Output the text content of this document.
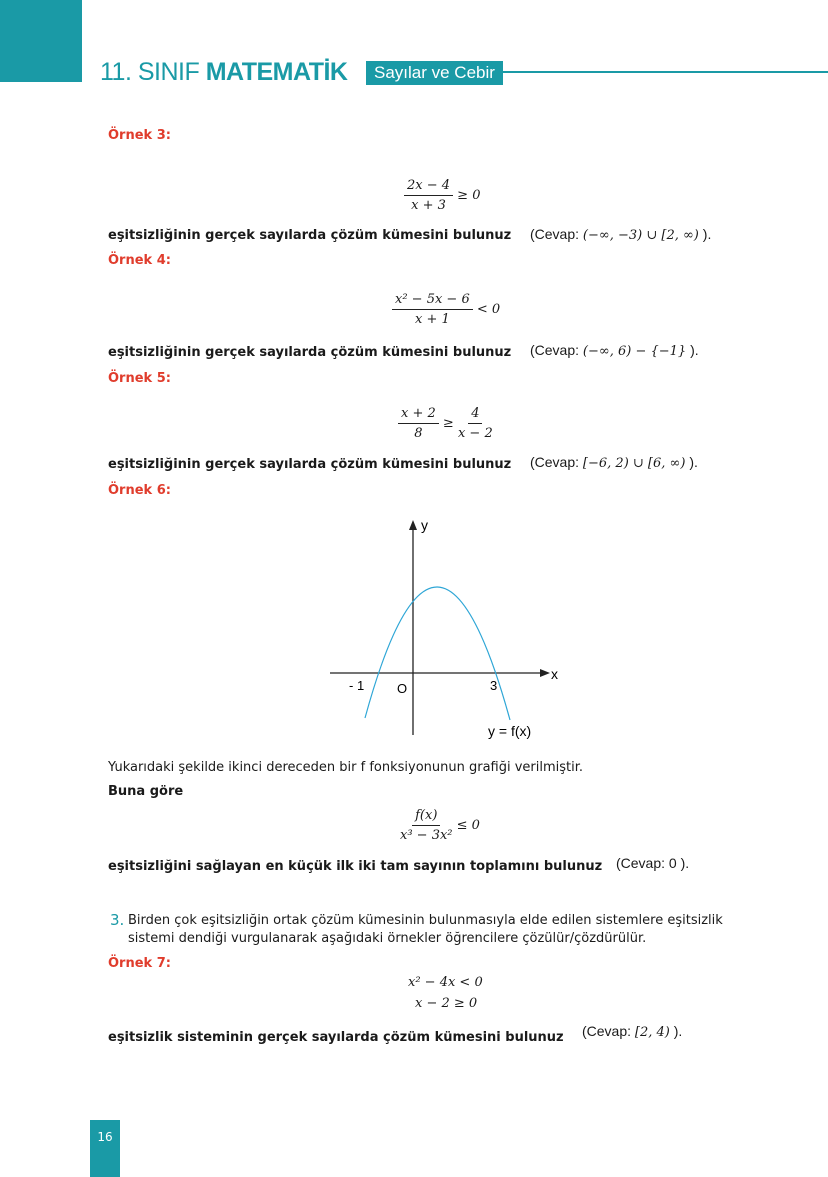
11. SINIF MATEMATİK	Sayılar ve Cebir
Örnek 3:
$\frac{2x - 4}{x + 3} \ge 0$
eşitsizliğinin gerçek sayılarda çözüm kümesini bulunuz (Cevap: (−∞, −3) ∪ [2, ∞) ).
Örnek 4:
$\frac{\text{x² − 5x − 6}}{x + 1} < 0$
eşitsizliğinin gerçek sayılarda çözüm kümesini bulunuz (Cevap: (−∞, 6) − {−1} ).
Örnek 5:
$\frac{x + 2}{8} \ge \frac{4}{x - 2}$
eşitsizliğinin gerçek sayılarda çözüm kümesini bulunuz (Cevap: [−6, 2) ∪ [6, ∞) ).
Örnek 6:
y
x
- 1	O	3
y = f(x)
Yukarıdaki şekilde ikinci dereceden bir f fonksiyonunun grafiği verilmiştir.
Buna göre
$\frac{f(x)}{\text{x³ − 3x²}} \le 0$
eşitsizliğini sağlayan en küçük ilk iki tam sayının toplamını bulunuz (Cevap: 0 ).
3. Birden çok eşitsizliğin ortak çözüm kümesinin bulunmasıyla elde edilen sistemlere eşitsizlik sistemi dendiği vurgulanarak aşağıdaki örnekler öğrencilere çözülür/çözdürülür.
Örnek 7:
x² − 4x < 0
x − 2 ≥ 0
eşitsizlik sisteminin gerçek sayılarda çözüm kümesini bulunuz (Cevap: [2, 4) ).
16
